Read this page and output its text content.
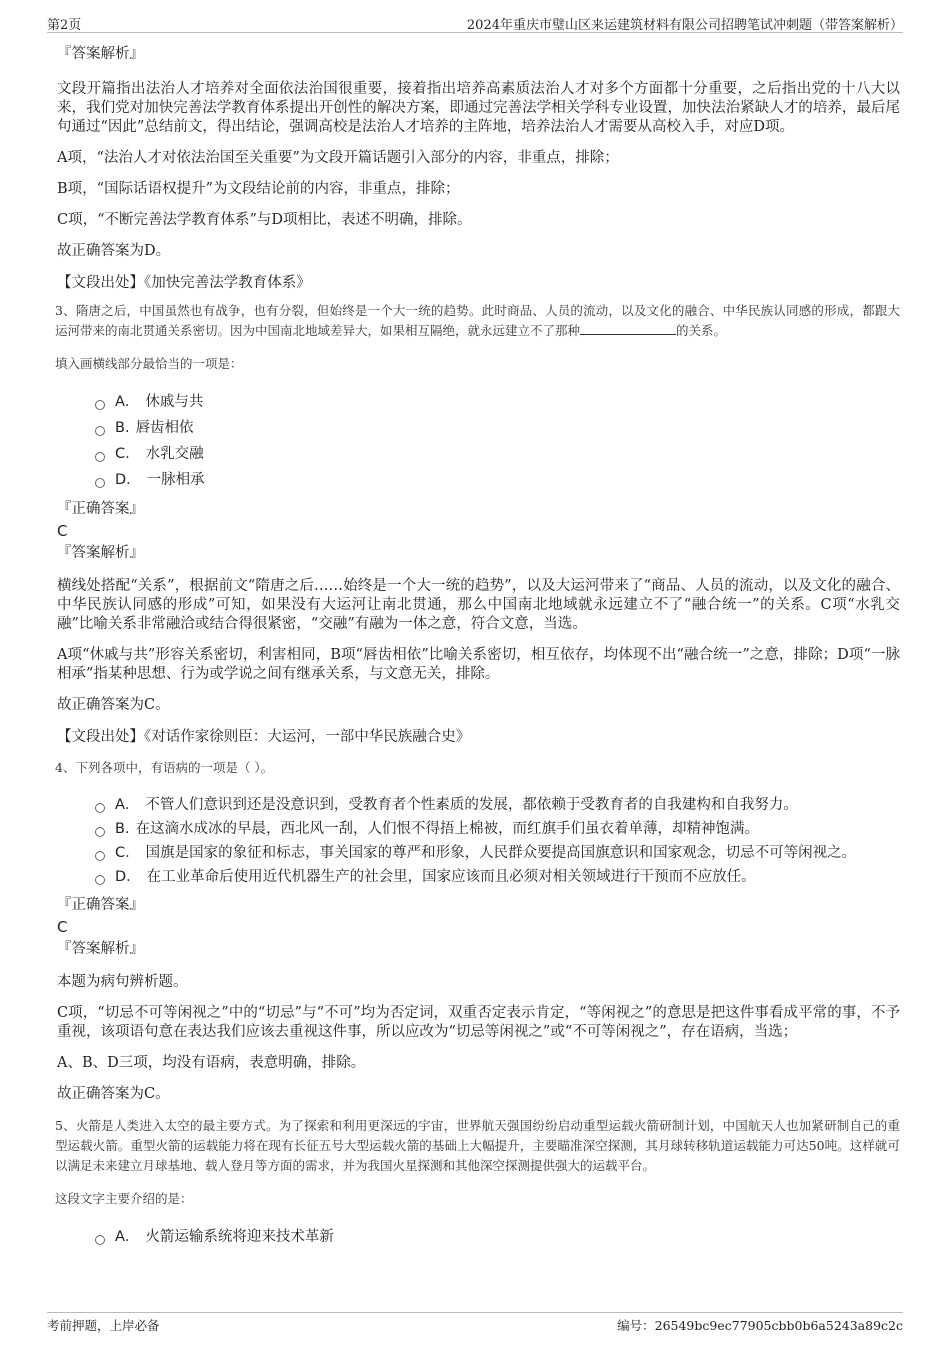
第2页	2024年重庆市璧山区来运建筑材料有限公司招聘笔试冲刺题（带答案解析）
『答案解析』

文段开篇指出法治人才培养对全面依法治国很重要，接着指出培养高素质法治人才对多个方面都十分重要，之后指出党的十八大以来，我们党对加快完善法学教育体系提出开创性的解决方案，即通过完善法学相关学科专业设置，加快法治紧缺人才的培养，最后尾句通过“因此”总结前文，得出结论，强调高校是法治人才培养的主阵地，培养法治人才需要从高校入手，对应D项。

A项，“法治人才对依法治国至关重要”为文段开篇话题引入部分的内容，非重点，排除；

B项，“国际话语权提升”为文段结论前的内容，非重点，排除；

C项，“不断完善法学教育体系”与D项相比，表述不明确，排除。

故正确答案为D。

【文段出处】《加快完善法学教育体系》
3、隋唐之后，中国虽然也有战争，也有分裂，但始终是一个大一统的趋势。此时商品、人员的流动，以及文化的融合、中华民族认同感的形成，都跟大运河带来的南北贯通关系密切。因为中国南北地域差异大，如果相互隔绝，就永远建立不了那种	的关系。
填入画横线部分最恰当的一项是：
A． 休戚与共
B. 唇齿相依
C． 水乳交融
D． 一脉相承
『正确答案』
C
『答案解析』

横线处搭配“关系”，根据前文“隋唐之后……始终是一个大一统的趋势”，以及大运河带来了“商品、人员的流动，以及文化的融合、中华民族认同感的形成”可知，如果没有大运河让南北贯通，那么中国南北地域就永远建立不了“融合统一”的关系。C项“水乳交融”比喻关系非常融洽或结合得很紧密，“交融”有融为一体之意，符合文意，当选。

A项“休戚与共”形容关系密切，利害相同，B项“唇齿相依”比喻关系密切，相互依存，均体现不出“融合统一”之意，排除；D项“一脉相承”指某种思想、行为或学说之间有继承关系，与文意无关，排除。

故正确答案为C。

【文段出处】《对话作家徐则臣：大运河，一部中华民族融合史》
4、下列各项中，有语病的一项是（ ）。
A． 不管人们意识到还是没意识到，受教育者个性素质的发展，都依赖于受教育者的自我建构和自我努力。
B. 在这滴水成冰的早晨，西北风一刮，人们恨不得捂上棉被，而红旗手们虽衣着单薄，却精神饱满。
C． 国旗是国家的象征和标志，事关国家的尊严和形象，人民群众要提高国旗意识和国家观念，切忌不可等闲视之。
D． 在工业革命后使用近代机器生产的社会里，国家应该而且必须对相关领域进行干预而不应放任。
『正确答案』
C
『答案解析』

本题为病句辨析题。

C项，“切忌不可等闲视之”中的“切忌”与“不可”均为否定词，双重否定表示肯定，“等闲视之”的意思是把这件事看成平常的事，不予重视，该项语句意在表达我们应该去重视这件事，所以应改为“切忌等闲视之”或“不可等闲视之”，存在语病，当选；

A、B、D三项，均没有语病，表意明确，排除。

故正确答案为C。

5、火箭是人类进入太空的最主要方式。为了探索和利用更深远的宇宙，世界航天强国纷纷启动重型运载火箭研制计划，中国航天人也加紧研制自己的重型运载火箭。重型火箭的运载能力将在现有长征五号大型运载火箭的基础上大幅提升，主要瞄准深空探测，其月球转移轨道运载能力可达50吨。这样就可以满足未来建立月球基地、载人登月等方面的需求，并为我国火星探测和其他深空探测提供强大的运载平台。
这段文字主要介绍的是：
A． 火箭运输系统将迎来技术革新
考前押题，上岸必备	编号：26549bc9ec77905cbb0b6a5243a89c2c
